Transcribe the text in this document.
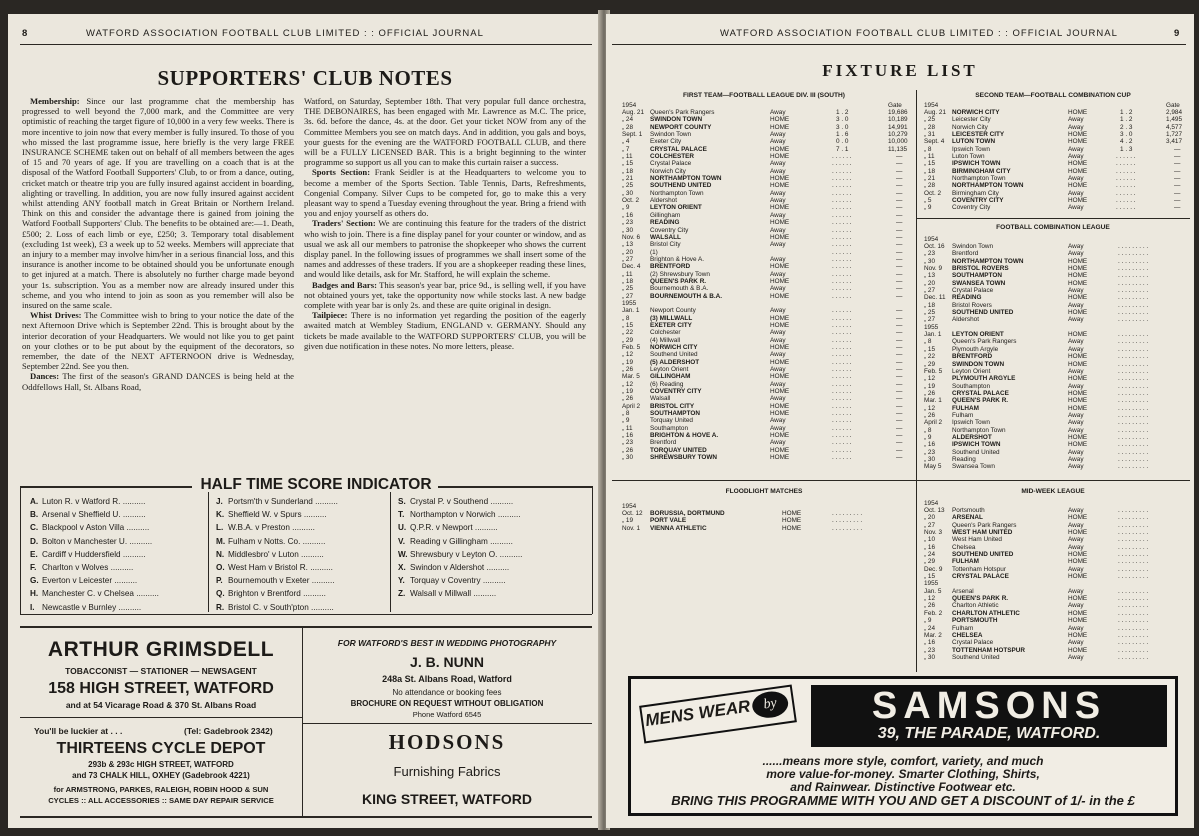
8	WATFORD ASSOCIATION FOOTBALL CLUB LIMITED : : OFFICIAL JOURNAL
SUPPORTERS' CLUB NOTES

Membership: Since our last programme chat the membership has progressed to well beyond the 7,000 mark, and the Committee are very optimistic of reaching the target figure of 10,000 in a very few weeks. There is more incentive to join now that every member is fully insured. To those of you who missed the last programme issue, here briefly is the very large FREE INSURANCE SCHEME taken out on behalf of all members between the ages of 15 and 70 years of age. If you are travelling on a coach that is at the disposal of the Watford Football Supporters' Club, to or from a dance, outing, cricket match or theatre trip you are fully insured against accident in boarding, alighting or travelling. In addition, you are now fully insured against accident whilst attending ANY football match in Great Britain or Northern Ireland. Think on this and consider the advantage there is gained from joining the Watford Football Supporters' Club. The benefits to be obtained are:—1. Death, £500; 2. Loss of each limb or eye, £250; 3. Temporary total disablement (excluding 1st week), £3 a week up to 52 weeks. Members will appreciate that an injury to a member may involve him/her in a serious financial loss, and this insurance is another income to be obtained should you be unfortunate enough to get injured at a match. There is absolutely no further charge made beyond your 1s. subscription. You as a member now are already insured under this scheme, and you who intend to join as soon as you remember will also be insured on the same scale.

Whist Drives: The Committee wish to bring to your notice the date of the next Afternoon Drive which is September 22nd. This is brought about by the interior decoration of your Headquarters. We would not like you to get paint on your clothes or to be put about by the equipment of the decorators, so remember, the date of the NEXT AFTERNOON drive is Wednesday, September 22nd. See you then.

Dances: The first of the season's GRAND DANCES is being held at the Oddfellows Hall, St. Albans Road,

Watford, on Saturday, September 18th. That very popular full dance orchestra, THE DEBONAIRES, has been engaged with Mr. Lawrence as M.C. The price, 3s. 6d. before the dance, 4s. at the door. Get your ticket NOW from any of the Committee Members you see on match days. And in addition, you gals and boys, your guests for the evening are the WATFORD FOOTBALL CLUB, and there will be a FULLY LICENSED BAR. This is a bright beginning to the winter programme so support us all you can to make this curtain raiser a success.

Sports Section: Frank Seidler is at the Headquarters to welcome you to become a member of the Sports Section. Table Tennis, Darts, Refreshments, Congenial Company. Silver Cups to be competed for, go to make this a very pleasant way to spend a Tuesday evening throughout the year. Bring a friend with you and enjoy yourself as others do.

Traders' Section: We are continuing this feature for the traders of the district who wish to join. There is a fine display panel for your counter or window, and as usual we ask all our members to patronise the shopkeeper who shows the current display panel. In the following issues of programmes we shall insert some of the names and addresses of these traders. If you are a shopkeeper reading these lines, and would like details, ask for Mr. Stafford, he will explain the scheme.

Badges and Bars: This season's year bar, price 9d., is selling well, if you have not obtained yours yet, take the opportunity now while stocks last. A new badge complete with year bar is only 2s. and these are quite original in design.

Tailpiece: There is no information yet regarding the position of the eagerly awaited match at Wembley Stadium, ENGLAND v. GERMANY. Should any tickets be made available to the WATFORD SUPPORTERS' CLUB, you will be given due notification in these notes. No more letters, please.

HALF TIME SCORE INDICATOR
A. Luton R. v Watford R. ..........
B. Arsenal v Sheffield U. ..........
C. Blackpool v Aston Villa ..........
D. Bolton v Manchester U. ..........
E. Cardiff v Huddersfield ..........
F. Charlton v Wolves ..........
G. Everton v Leicester ..........
H. Manchester C. v Chelsea ..........
I. Newcastle v Burnley ..........
J. Portsm'th v Sunderland ..........
K. Sheffield W. v Spurs ..........
L. W.B.A. v Preston ..........
M. Fulham v Notts. Co. ..........
N. Middlesbro' v Luton ..........
O. West Ham v Bristol R. ..........
P. Bournemouth v Exeter ..........
Q. Brighton v Brentford ..........
R. Bristol C. v South'pton ..........
S. Crystal P. v Southend ..........
T. Northampton v Norwich ..........
U. Q.P.R. v Newport ..........
V. Reading v Gillingham ..........
W. Shrewsbury v Leyton O. ..........
X. Swindon v Aldershot ..........
Y. Torquay v Coventry ..........
Z. Walsall v Millwall ..........
ARTHUR GRIMSDELL
TOBACCONIST — STATIONER — NEWSAGENT
158 HIGH STREET, WATFORD
and at 54 Vicarage Road & 370 St. Albans Road
FOR WATFORD'S BEST IN WEDDING PHOTOGRAPHY
J. B. NUNN
248a St. Albans Road, Watford
No attendance or booking fees
BROCHURE ON REQUEST WITHOUT OBLIGATION
Phone Watford 6545
You'll be luckier at . . .	(Tel: Gadebrook 2342)
THIRTEENS CYCLE DEPOT
293b & 293c HIGH STREET, WATFORD
and 73 CHALK HILL, OXHEY (Gadebrook 4221)
for ARMSTRONG, PARKES, RALEIGH, ROBIN HOOD & SUN
CYCLES :: ALL ACCESSORIES :: SAME DAY REPAIR SERVICE
HODSONS
Furnishing Fabrics
KING STREET, WATFORD
WATFORD ASSOCIATION FOOTBALL CLUB LIMITED : : OFFICIAL JOURNAL	9
FIXTURE LIST
FIRST TEAM—FOOTBALL LEAGUE DIV. III (SOUTH)
1954	Gate
Aug. 21 Queen's Park Rangers	Away	1 . 2	19,686
„ 24	SWINDON TOWN	HOME	3 . 0	10,189
„ 28	NEWPORT COUNTY	HOME	3 . 0	14,991
Sept. 1 Swindon Town	Away	1 . 6	10,279
„ 4	Exeter City	Away	0 . 0	10,000
„ 7	CRYSTAL PALACE	HOME	7 . 1	11,135
„ 11	COLCHESTER	HOME	. . . . . .	—
„ 15	Crystal Palace	Away	. . . . . .	—
„ 18	Norwich City	Away	. . . . . .	—
„ 21	NORTHAMPTON TOWN	HOME	. . . . . .	—
„ 25	SOUTHEND UNITED	HOME	. . . . . .	—
„ 30	Northampton Town	Away	. . . . . .	—
Oct. 2 Aldershot	Away	. . . . . .	—
„ 9	LEYTON ORIENT	HOME	. . . . . .	—
„ 16	Gillingham	Away	. . . . . .	—
„ 23	READING	HOME	. . . . . .	—
„ 30	Coventry City	Away	. . . . . .	—
Nov. 6 WALSALL	HOME	. . . . . .	—
„ 13	Bristol City	Away	. . . . . .	—
„ 20	(1)	. . . . . .	—
„ 27	Brighton & Hove A.	Away	. . . . . .	—
Dec. 4 BRENTFORD	HOME	. . . . . .	—
„ 11	(2) Shrewsbury Town	Away	. . . . . .	—
„ 18	QUEEN'S PARK R.	HOME	. . . . . .	—
„ 25	Bournemouth & B.A.	Away	. . . . . .	—
„ 27	BOURNEMOUTH & B.A.	HOME	. . . . . .	—
1955
Jan. 1 Newport County	Away	. . . . . .	—
„ 8	(3) MILLWALL	HOME	. . . . . .	—
„ 15	EXETER CITY	HOME	. . . . . .	—
„ 22	Colchester	Away	. . . . . .	—
„ 29	(4) Millwall	Away	. . . . . .	—
Feb. 5 NORWICH CITY	HOME	. . . . . .	—
„ 12	Southend United	Away	. . . . . .	—
„ 19	(5) ALDERSHOT	HOME	. . . . . .	—
„ 26	Leyton Orient	Away	. . . . . .	—
Mar. 5 GILLINGHAM	HOME	. . . . . .	—
„ 12	(6) Reading	Away	. . . . . .	—
„ 19	COVENTRY CITY	HOME	. . . . . .	—
„ 26	Walsall	Away	. . . . . .	—
April 2 BRISTOL CITY	HOME	. . . . . .	—
„ 8	SOUTHAMPTON	HOME	. . . . . .	—
„ 9	Torquay United	Away	. . . . . .	—
„ 11	Southampton	Away	. . . . . .	—
„ 16	BRIGHTON & HOVE A.	HOME	. . . . . .	—
„ 23	Brentford	Away	. . . . . .	—
„ 26	TORQUAY UNITED	HOME	. . . . . .	—
„ 30	SHREWSBURY TOWN	HOME	. . . . . .	—
FLOODLIGHT MATCHES
1954
Oct. 12 BORUSSIA, DORTMUND	HOME	. . . . . . . . .
„ 19	PORT VALE	HOME	. . . . . . . . .
Nov. 1 VIENNA ATHLETIC	HOME	. . . . . . . . .
SECOND TEAM—FOOTBALL COMBINATION CUP
1954	Gate
Aug. 21 NORWICH CITY	HOME	1 . 2	2,984
„ 25	Leicester City	Away	1 . 2	1,495
„ 28	Norwich City	Away	2 . 3	4,577
„ 31	LEICESTER CITY	HOME	3 . 0	1,727
Sept. 4 LUTON TOWN	HOME	4 . 2	3,417
„ 8	Ipswich Town	Away	1 . 3	—
„ 11	Luton Town	Away	. . . . . .	—
„ 15	IPSWICH TOWN	HOME	. . . . . .	—
„ 18	BIRMINGHAM CITY	HOME	. . . . . .	—
„ 21	Northampton Town	Away	. . . . . .	—
„ 28	NORTHAMPTON TOWN	HOME	. . . . . .	—
Oct. 2 Birmingham City	Away	. . . . . .	—
„ 5	COVENTRY CITY	HOME	. . . . . .	—
„ 9	Coventry City	Away	. . . . . .	—
FOOTBALL COMBINATION LEAGUE
1954
Oct. 16 Swindon Town	Away	. . . . . . . . .
„ 23	Brentford	Away	. . . . . . . . .
„ 30	NORTHAMPTON TOWN	HOME	. . . . . . . . .
Nov. 9 BRISTOL ROVERS	HOME	. . . . . . . . .
„ 13	SOUTHAMPTON	HOME	. . . . . . . . .
„ 20	SWANSEA TOWN	HOME	. . . . . . . . .
„ 27	Crystal Palace	Away	. . . . . . . . .
Dec. 11 READING	HOME	. . . . . . . . .
„ 18	Bristol Rovers	Away	. . . . . . . . .
„ 25	SOUTHEND UNITED	HOME	. . . . . . . . .
„ 27	Aldershot	Away	. . . . . . . . .
1955
Jan. 1 LEYTON ORIENT	HOME	. . . . . . . . .
„ 8	Queen's Park Rangers	Away	. . . . . . . . .
„ 15	Plymouth Argyle	Away	. . . . . . . . .
„ 22	BRENTFORD	HOME	. . . . . . . . .
„ 29	SWINDON TOWN	HOME	. . . . . . . . .
Feb. 5 Leyton Orient	Away	. . . . . . . . .
„ 12	PLYMOUTH ARGYLE	HOME	. . . . . . . . .
„ 19	Southampton	Away	. . . . . . . . .
„ 26	CRYSTAL PALACE	HOME	. . . . . . . . .
Mar. 1 QUEEN'S PARK R.	HOME	. . . . . . . . .
„ 12	FULHAM	HOME	. . . . . . . . .
„ 26	Fulham	Away	. . . . . . . . .
April 2 Ipswich Town	Away	. . . . . . . . .
„ 8	Northampton Town	Away	. . . . . . . . .
„ 9	ALDERSHOT	HOME	. . . . . . . . .
„ 16	IPSWICH TOWN	HOME	. . . . . . . . .
„ 23	Southend United	Away	. . . . . . . . .
„ 30	Reading	Away	. . . . . . . . .
May 5 Swansea Town	Away	. . . . . . . . .
MID-WEEK LEAGUE
1954
Oct. 13 Portsmouth	Away	. . . . . . . . .
„ 20	ARSENAL	HOME	. . . . . . . . .
„ 27	Queen's Park Rangers	Away	. . . . . . . . .
Nov. 3 WEST HAM UNITED	HOME	. . . . . . . . .
„ 10	West Ham United	Away	. . . . . . . . .
„ 16	Chelsea	Away	. . . . . . . . .
„ 24	SOUTHEND UNITED	HOME	. . . . . . . . .
„ 29	FULHAM	HOME	. . . . . . . . .
Dec. 9 Tottenham Hotspur	Away	. . . . . . . . .
„ 15	CRYSTAL PALACE	HOME	. . . . . . . . .
1955
Jan. 5 Arsenal	Away	. . . . . . . . .
„ 12	QUEEN'S PARK R.	HOME	. . . . . . . . .
„ 26	Charlton Athletic	Away	. . . . . . . . .
Feb. 2 CHARLTON ATHLETIC	HOME	. . . . . . . . .
„ 9	PORTSMOUTH	HOME	. . . . . . . . .
„ 24	Fulham	Away	. . . . . . . . .
Mar. 2 CHELSEA	HOME	. . . . . . . . .
„ 16	Crystal Palace	Away	. . . . . . . . .
„ 23	TOTTENHAM HOTSPUR	HOME	. . . . . . . . .
„ 30	Southend United	Away	. . . . . . . . .
MENS WEAR by	SAMSONS
39, THE PARADE, WATFORD.
......means more style, comfort, variety, and much
more value-for-money. Smarter Clothing, Shirts,
and Rainwear. Distinctive Footwear etc.
BRING THIS PROGRAMME WITH YOU AND GET A DISCOUNT of 1/- in the £
